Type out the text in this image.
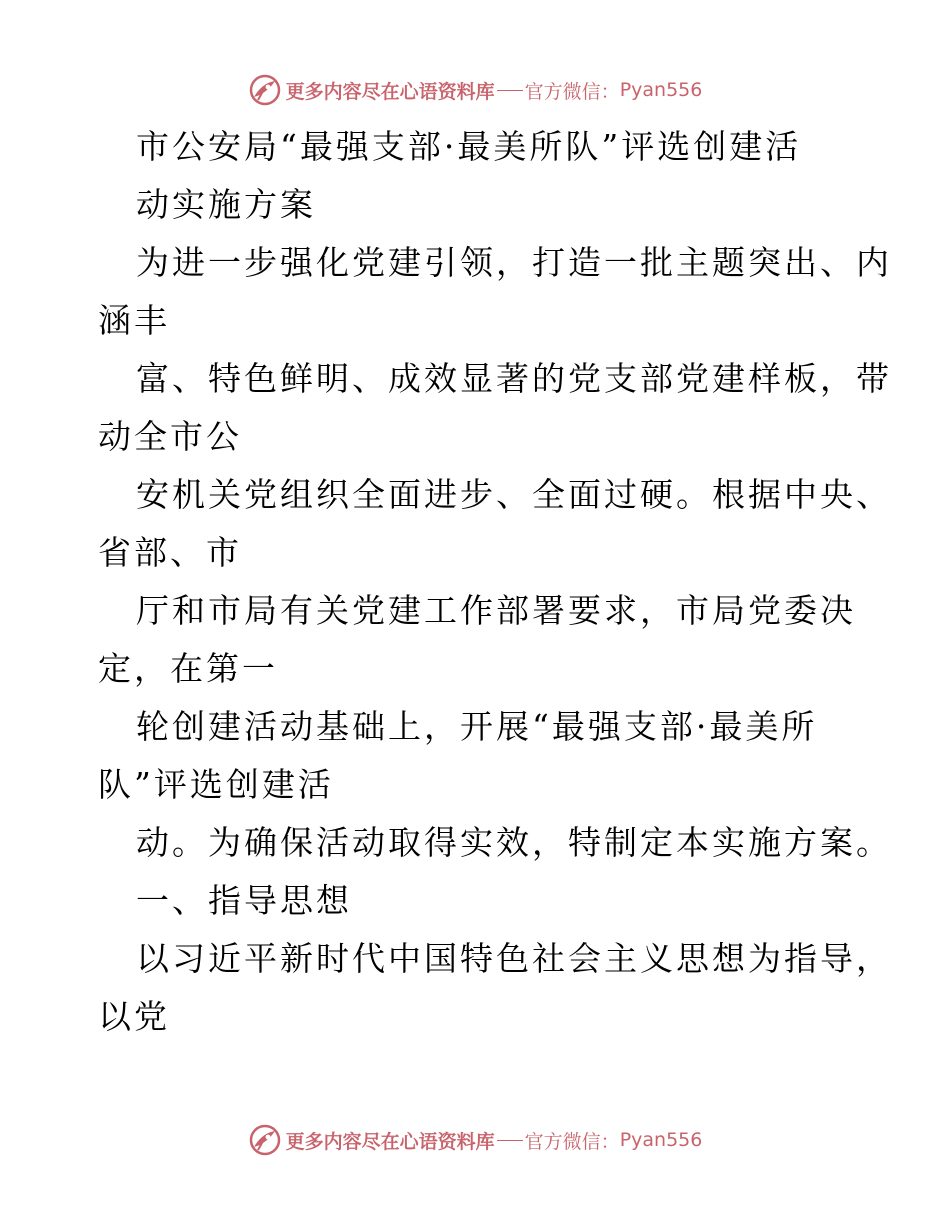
更多内容尽在心语资料库 官方微信： Pyan556
市公安局“最强支部·最美所队”评选创建活
动实施方案
为进一步强化党建引领，打造一批主题突出、内
涵丰
富、特色鲜明、成效显著的党支部党建样板，带
动全市公
安机关党组织全面进步、全面过硬。根据中央、
省部、市
厅和市局有关党建工作部署要求，市局党委决
定，在第一
轮创建活动基础上，开展“最强支部·最美所
队”评选创建活
动。为确保活动取得实效，特制定本实施方案。
一、指导思想
以习近平新时代中国特色社会主义思想为指导，
以党
更多内容尽在心语资料库 官方微信： Pyan556
